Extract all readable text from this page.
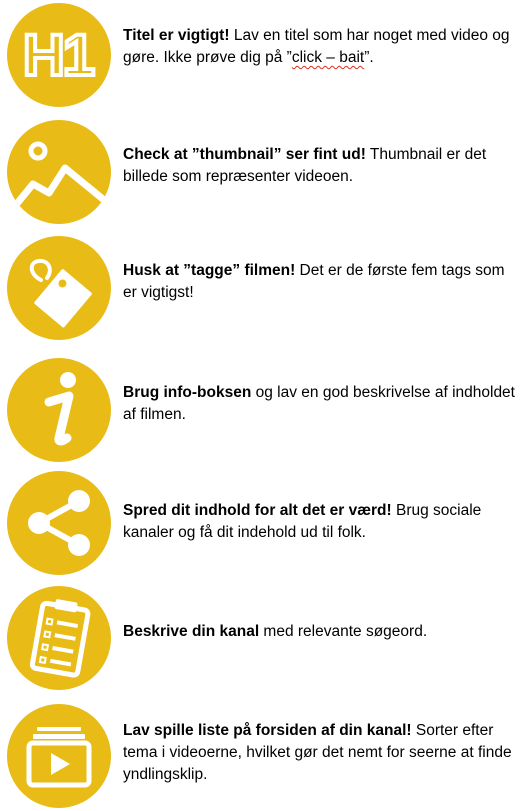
H1 Titel er vigtigt! Lav en titel som har noget med video og gøre. Ikke prøve dig på ”click – bait”.
Check at ”thumbnail” ser fint ud! Thumbnail er det billede som repræsenter videoen.
Husk at ”tagge” filmen! Det er de første fem tags som er vigtigst!
Brug info-boksen og lav en god beskrivelse af indholdet af filmen.
Spred dit indhold for alt det er værd! Brug sociale kanaler og få dit indehold ud til folk.
Beskrive din kanal med relevante søgeord.
Lav spille liste på forsiden af din kanal! Sorter efter tema i videoerne, hvilket gør det nemt for seerne at finde yndlingsklip.
